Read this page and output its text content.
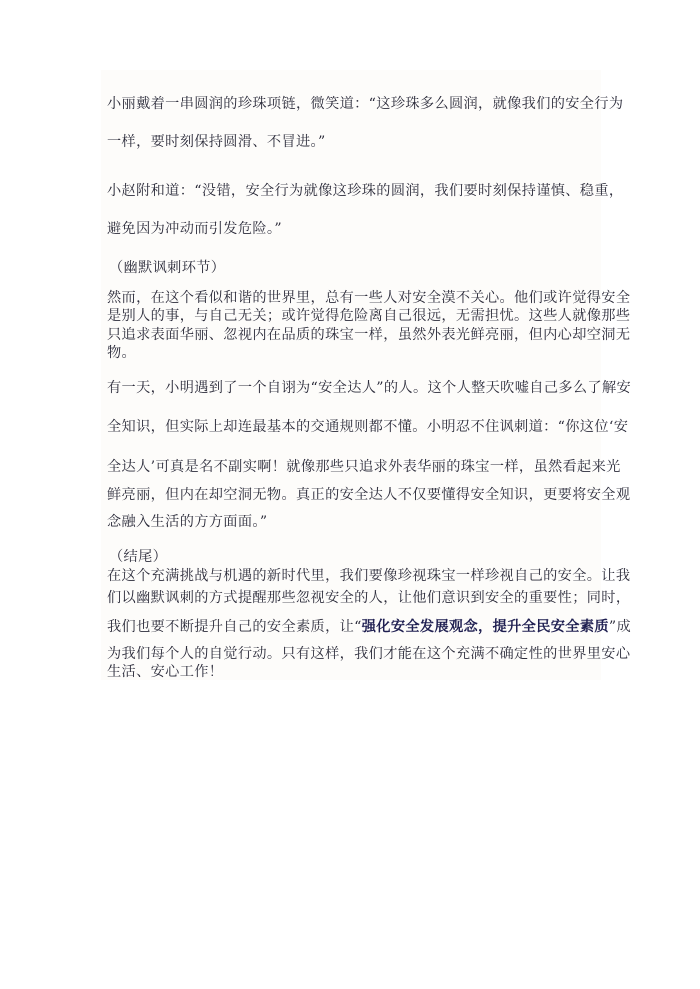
小丽戴着一串圆润的珍珠项链，微笑道：“这珍珠多么圆润，就像我们的安全行为
一样，要时刻保持圆滑、不冒进。”
小赵附和道：“没错，安全行为就像这珍珠的圆润，我们要时刻保持谨慎、稳重，
避免因为冲动而引发危险。”
（幽默讽刺环节）
然而，在这个看似和谐的世界里，总有一些人对安全漠不关心。他们或许觉得安全
是别人的事，与自己无关；或许觉得危险离自己很远，无需担忧。这些人就像那些
只追求表面华丽、忽视内在品质的珠宝一样，虽然外表光鲜亮丽，但内心却空洞无
物。
有一天，小明遇到了一个自诩为“安全达人”的人。这个人整天吹嘘自己多么了解安
全知识，但实际上却连最基本的交通规则都不懂。小明忍不住讽刺道：“你这位‘安
全达人’可真是名不副实啊！就像那些只追求外表华丽的珠宝一样，虽然看起来光
鲜亮丽，但内在却空洞无物。真正的安全达人不仅要懂得安全知识，更要将安全观
念融入生活的方方面面。”
（结尾）
在这个充满挑战与机遇的新时代里，我们要像珍视珠宝一样珍视自己的安全。让我
们以幽默讽刺的方式提醒那些忽视安全的人，让他们意识到安全的重要性；同时，
我们也要不断提升自己的安全素质，让“强化安全发展观念，提升全民安全素质”成
为我们每个人的自觉行动。只有这样，我们才能在这个充满不确定性的世界里安心
生活、安心工作！
